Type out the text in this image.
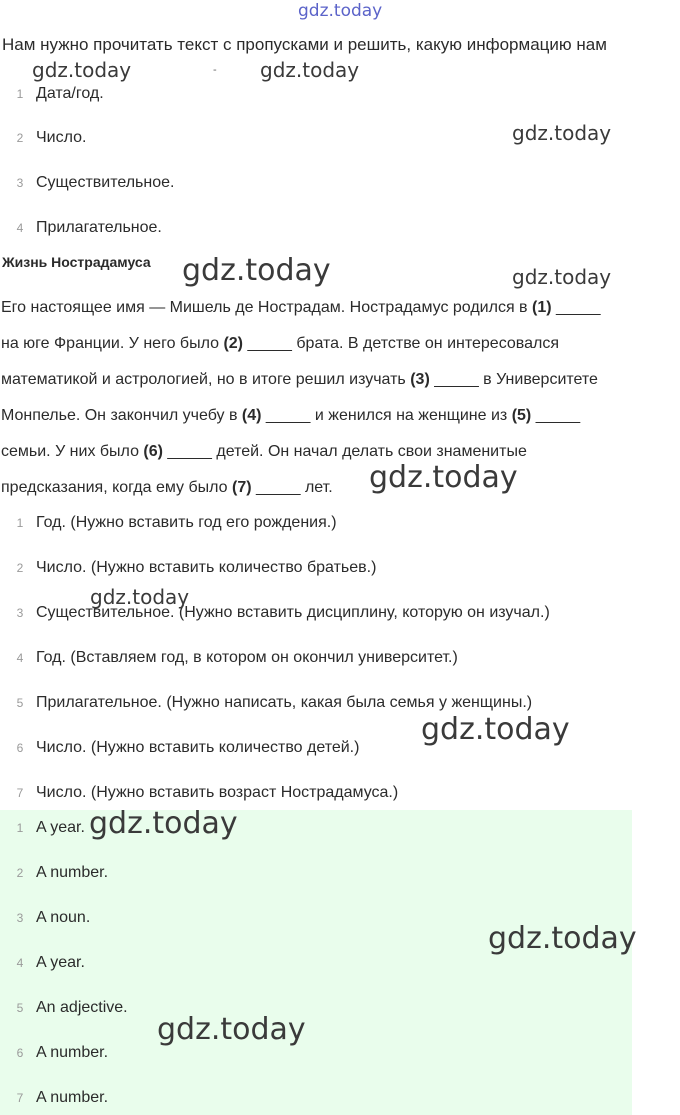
gdz.today
Нам нужно прочитать текст с пропусками и решить, какую информацию нам
-
1 Дата/год.
2 Число.
3 Существительное.
4 Прилагательное.
Жизнь Нострадамуса
Его настоящее имя — Мишель де Нострадам. Нострадамус родился в (1) _____
на юге Франции. У него было (2) _____ брата. В детстве он интересовался
математикой и астрологией, но в итоге решил изучать (3) _____ в Университете
Монпелье. Он закончил учебу в (4) _____ и женился на женщине из (5) _____
семьи. У них было (6) _____ детей. Он начал делать свои знаменитые
предсказания, когда ему было (7) _____ лет.
1 Год. (Нужно вставить год его рождения.)
2 Число. (Нужно вставить количество братьев.)
3 Существительное. (Нужно вставить дисциплину, которую он изучал.)
4 Год. (Вставляем год, в котором он окончил университет.)
5 Прилагательное. (Нужно написать, какая была семья у женщины.)
6 Число. (Нужно вставить количество детей.)
7 Число. (Нужно вставить возраст Нострадамуса.)
1 A year.
2 A number.
3 A noun.
4 A year.
5 An adjective.
6 A number.
7 A number.
gdz.today	gdz.today
gdz.today
gdz.today	gdz.today
gdz.today
gdz.today
gdz.today
gdz.today
gdz.today
gdz.today
